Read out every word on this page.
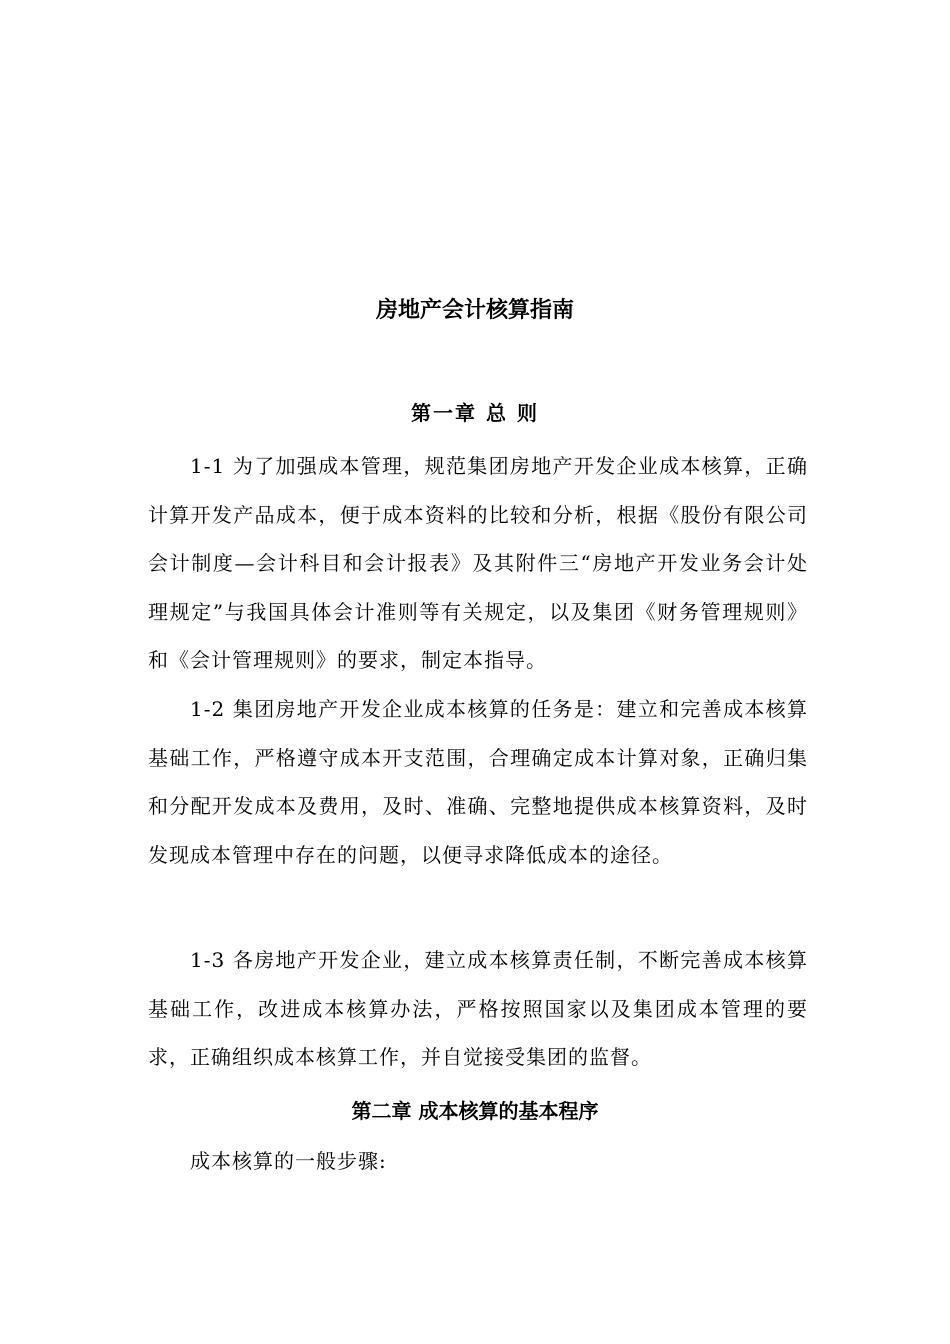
房地产会计核算指南
第一章 总 则

1-1 为了加强成本管理，规范集团房地产开发企业成本核算，正确计算开发产品成本，便于成本资料的比较和分析，根据《股份有限公司会计制度—会计科目和会计报表》及其附件三“房地产开发业务会计处理规定”与我国具体会计准则等有关规定，以及集团《财务管理规则》和《会计管理规则》的要求，制定本指导。

1-2 集团房地产开发企业成本核算的任务是：建立和完善成本核算基础工作，严格遵守成本开支范围，合理确定成本计算对象，正确归集和分配开发成本及费用，及时、准确、完整地提供成本核算资料，及时发现成本管理中存在的问题，以便寻求降低成本的途径。

1-3 各房地产开发企业，建立成本核算责任制，不断完善成本核算基础工作，改进成本核算办法，严格按照国家以及集团成本管理的要求，正确组织成本核算工作，并自觉接受集团的监督。

第二章 成本核算的基本程序

成本核算的一般步骤:
